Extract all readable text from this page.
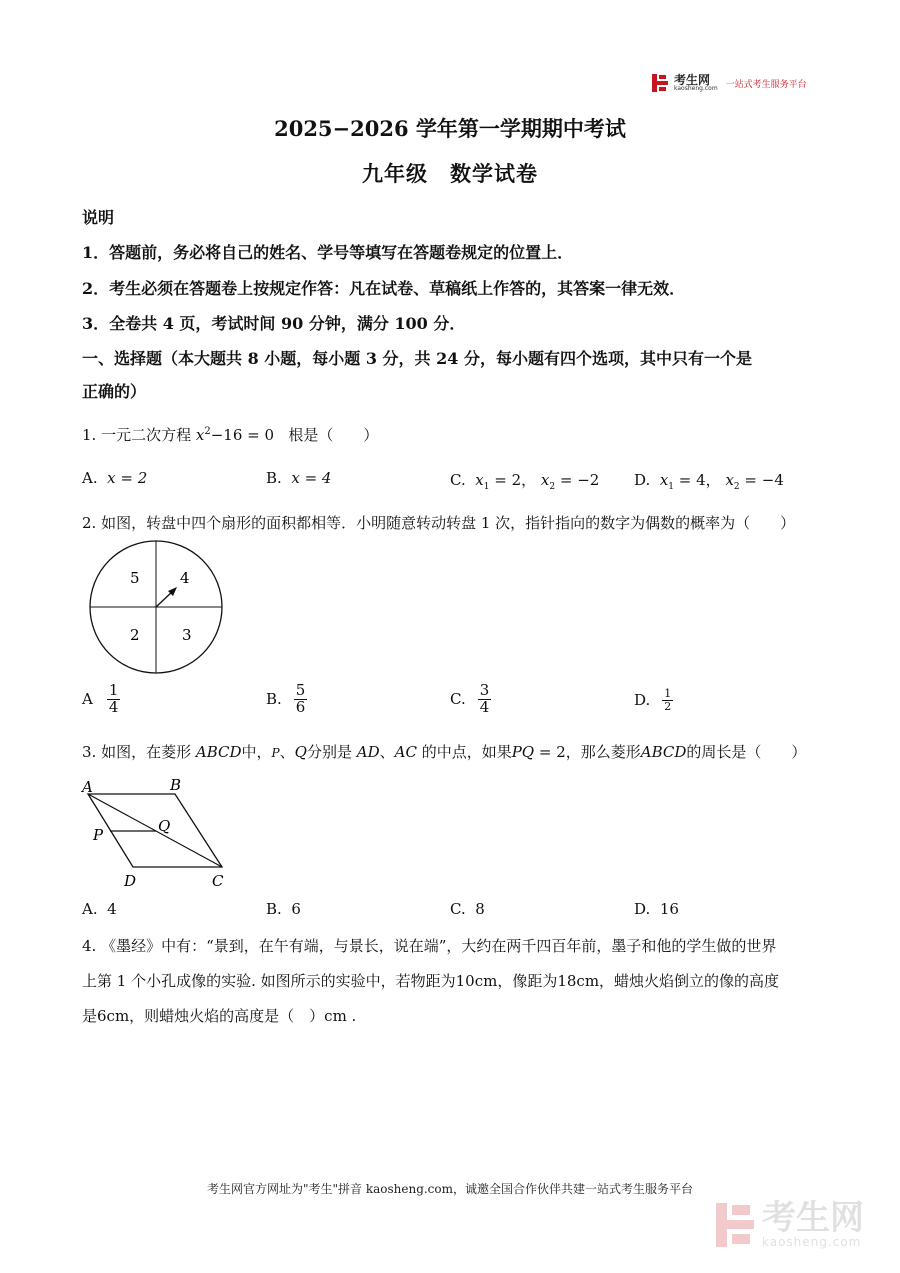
考生网
kaosheng.com 一站式考生服务平台
2025−2026 学年第一学期期中考试
九年级　数学试卷
说明
1．答题前，务必将自己的姓名、学号等填写在答题卷规定的位置上．
2．考生必须在答题卷上按规定作答：凡在试卷、草稿纸上作答的，其答案一律无效．
3．全卷共 4 页，考试时间 90 分钟，满分 100 分．
一、选择题（本大题共 8 小题，每小题 3 分，共 24 分，每小题有四个选项，其中只有一个是
正确的）
1. 一元二次方程 $x^2-16 = 0$ 根是（　　）
A. x = 2	B. x = 4	C. $x_1 = 2$， $x_2 = -2$ D. $x_1 = 4$， $x_2 = -4$
2. 如图，转盘中四个扇形的面积都相等．小明随意转动转盘 1 次，指针指向的数字为偶数的概率为（　　）
5	4
2	3
A $\frac{1}{4}$	B. $\frac{5}{6}$	C. $\frac{3}{4}$	D. $\frac{1}{2}$
3. 如图，在菱形 ABCD中，P、Q分别是 AD、AC 的中点，如果PQ = 2，那么菱形ABCD的周长是（　　）
A	B
C
D
P	Q
A. 4	B. 6	C. 8	D. 16
4. 《墨经》中有：“景到，在午有端，与景长，说在端”，大约在两千四百年前，墨子和他的学生做的世界
上第 1 个小孔成像的实验. 如图所示的实验中，若物距为10cm，像距为18cm，蜡烛火焰倒立的像的高度
是6cm，则蜡烛火焰的高度是（　）cm .
考生网官方网址为"考生"拼音 kaosheng.com，诚邀全国合作伙伴共建一站式考生服务平台
考生网
kaosheng.com
